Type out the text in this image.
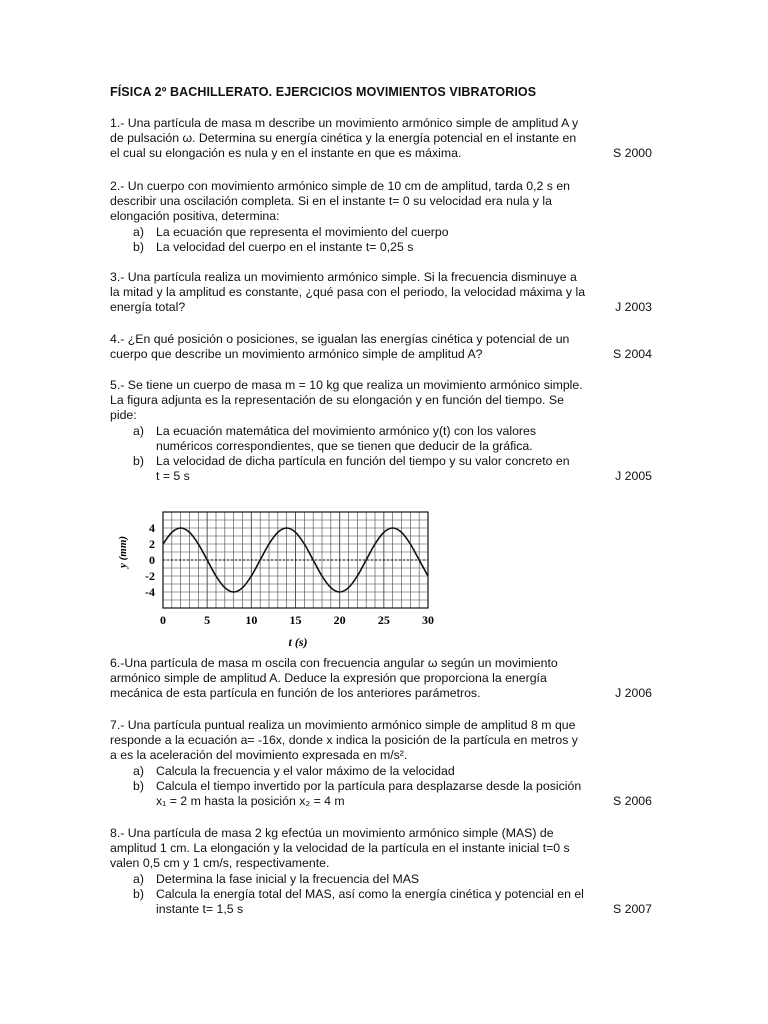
FÍSICA 2º BACHILLERATO. EJERCICIOS MOVIMIENTOS VIBRATORIOS

1.- Una partícula de masa m describe un movimiento armónico simple de amplitud A y

de pulsación ω. Determina su energía cinética y la energía potencial en el instante en

el cual su elongación es nula y en el instante en que es máxima.	S 2000

2.- Un cuerpo con movimiento armónico simple de 10 cm de amplitud, tarda 0,2 s en

describir una oscilación completa. Si en el instante t= 0 su velocidad era nula y la

elongación positiva, determina:

a) La ecuación que representa el movimiento del cuerpo
b) La velocidad del cuerpo en el instante t= 0,25 s

3.- Una partícula realiza un movimiento armónico simple. Si la frecuencia disminuye a

la mitad y la amplitud es constante, ¿qué pasa con el periodo, la velocidad máxima y la

energía total?	J 2003

4.- ¿En qué posición o posiciones, se igualan las energías cinética y potencial de un

cuerpo que describe un movimiento armónico simple de amplitud A?	S 2004

5.- Se tiene un cuerpo de masa m = 10 kg que realiza un movimiento armónico simple.

La figura adjunta es la representación de su elongación y en función del tiempo. Se

pide:

a) La ecuación matemática del movimiento armónico y(t) con los valores
numéricos correspondientes, que se tienen que deducir de la gráfica.
b) La velocidad de dicha partícula en función del tiempo y su valor concreto en
t = 5 s	J 2005
0	5	10	15	20	25	30
4
2
0
-2
-4
t (s)
y (mm)

6.-Una partícula de masa m oscila con frecuencia angular ω según un movimiento

armónico simple de amplitud A. Deduce la expresión que proporciona la energía

mecánica de esta partícula en función de los anteriores parámetros.	J 2006

7.- Una partícula puntual realiza un movimiento armónico simple de amplitud 8 m que

responde a la ecuación a= -16x, donde x indica la posición de la partícula en metros y

a es la aceleración del movimiento expresada en m/s².

a) Calcula la frecuencia y el valor máximo de la velocidad
b) Calcula el tiempo invertido por la partícula para desplazarse desde la posición
x₁ = 2 m hasta la posición x₂ = 4 m	S 2006

8.- Una partícula de masa 2 kg efectúa un movimiento armónico simple (MAS) de

amplitud 1 cm. La elongación y la velocidad de la partícula en el instante inicial t=0 s

valen 0,5 cm y 1 cm/s, respectivamente.

a) Determina la fase inicial y la frecuencia del MAS
b) Calcula la energía total del MAS, así como la energía cinética y potencial en el
instante t= 1,5 s	S 2007
